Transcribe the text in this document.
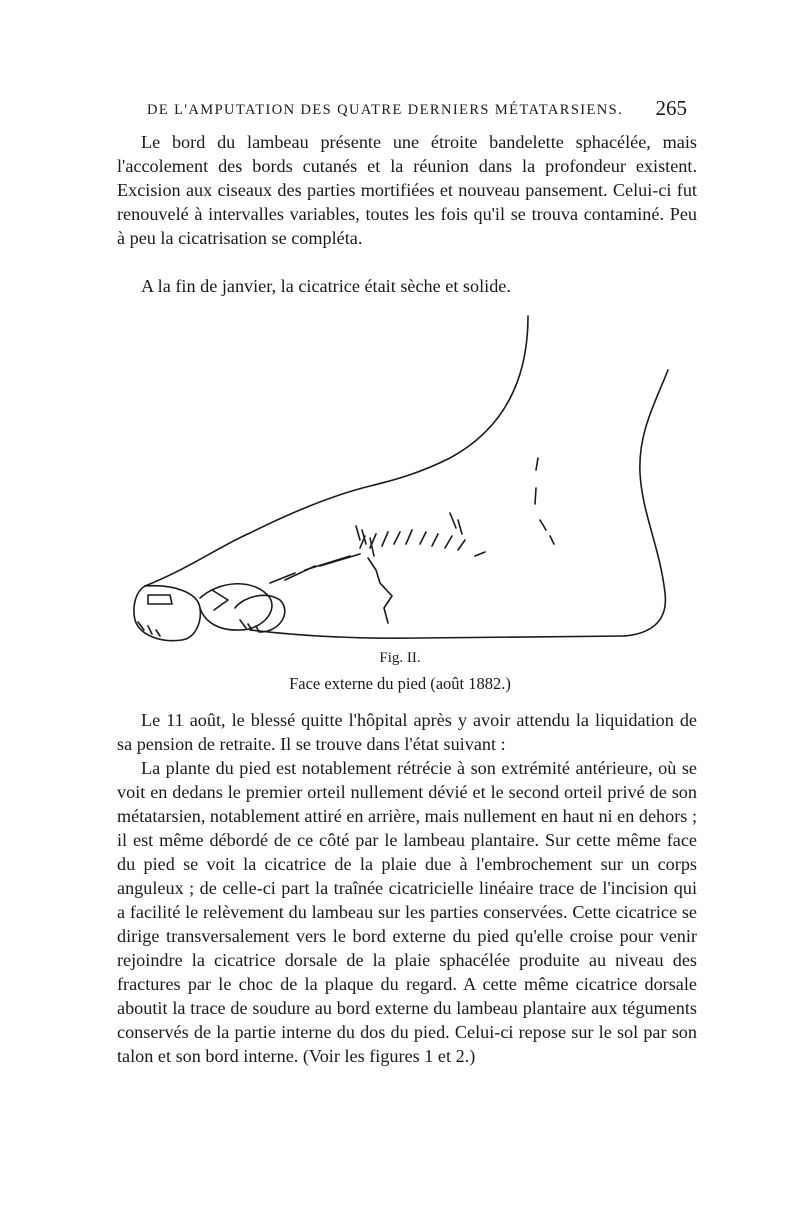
DE L'AMPUTATION DES QUATRE DERNIERS MÉTATARSIENS. 265

Le bord du lambeau présente une étroite bandelette sphacélée, mais l'accolement des bords cutanés et la réunion dans la profondeur existent. Excision aux ciseaux des parties mortifiées et nouveau pansement. Celui-ci fut renouvelé à intervalles variables, toutes les fois qu'il se trouva contaminé. Peu à peu la cicatrisation se compléta.

A la fin de janvier, la cicatrice était sèche et solide.

Fig. II.
Face externe du pied (août 1882.)

Le 11 août, le blessé quitte l'hôpital après y avoir attendu la liquidation de sa pension de retraite. Il se trouve dans l'état suivant :

La plante du pied est notablement rétrécie à son extrémité antérieure, où se voit en dedans le premier orteil nullement dévié et le second orteil privé de son métatarsien, notablement attiré en arrière, mais nullement en haut ni en dehors ; il est même débordé de ce côté par le lambeau plantaire. Sur cette même face du pied se voit la cicatrice de la plaie due à l'embrochement sur un corps anguleux ; de celle-ci part la traînée cicatricielle linéaire trace de l'incision qui a facilité le relèvement du lambeau sur les parties conservées. Cette cicatrice se dirige transversalement vers le bord externe du pied qu'elle croise pour venir rejoindre la cicatrice dorsale de la plaie sphacélée produite au niveau des fractures par le choc de la plaque du regard. A cette même cicatrice dorsale aboutit la trace de soudure au bord externe du lambeau plantaire aux téguments conservés de la partie interne du dos du pied. Celui-ci repose sur le sol par son talon et son bord interne. (Voir les figures 1 et 2.)
